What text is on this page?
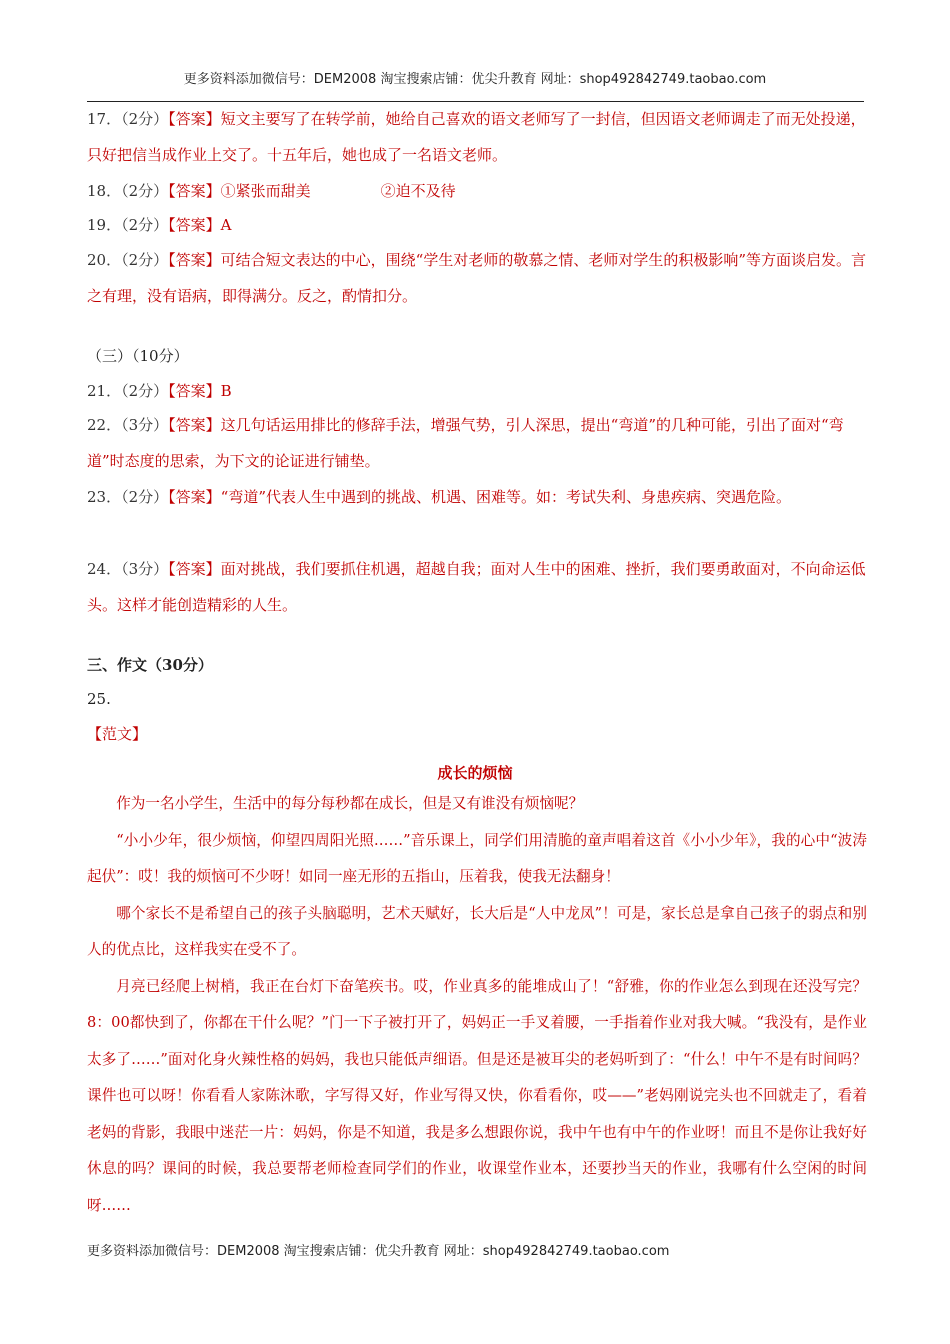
更多资料添加微信号：DEM2008 淘宝搜索店铺：优尖升教育 网址：shop492842749.taobao.com
17．（2分）【答案】短文主要写了在转学前，她给自己喜欢的语文老师写了一封信，但因语文老师调走了而无处投递，只好把信当成作业上交了。十五年后，她也成了一名语文老师。
18．（2分）【答案】①紧张而甜美	②迫不及待
19．（2分）【答案】A
20．（2分）【答案】可结合短文表达的中心，围绕“学生对老师的敬慕之情、老师对学生的积极影响”等方面谈启发。言之有理，没有语病，即得满分。反之，酌情扣分。
（三）（10分）
21．（2分）【答案】B
22．（3分）【答案】这几句话运用排比的修辞手法，增强气势，引人深思，提出“弯道”的几种可能，引出了面对“弯道”时态度的思索，为下文的论证进行铺垫。
23．（2分）【答案】“弯道”代表人生中遇到的挑战、机遇、困难等。如：考试失利、身患疾病、突遇危险。
24．（3分）【答案】面对挑战，我们要抓住机遇，超越自我；面对人生中的困难、挫折，我们要勇敢面对，不向命运低头。这样才能创造精彩的人生。
三、作文（30分）
25.
【范文】
成长的烦恼

作为一名小学生，生活中的每分每秒都在成长，但是又有谁没有烦恼呢？

“小小少年，很少烦恼，仰望四周阳光照……”音乐课上，同学们用清脆的童声唱着这首《小小少年》，我的心中“波涛起伏”：哎！我的烦恼可不少呀！如同一座无形的五指山，压着我，使我无法翻身！

哪个家长不是希望自己的孩子头脑聪明，艺术天赋好，长大后是“人中龙凤”！可是，家长总是拿自己孩子的弱点和别人的优点比，这样我实在受不了。

月亮已经爬上树梢，我正在台灯下奋笔疾书。哎，作业真多的能堆成山了！“舒雅，你的作业怎么到现在还没写完？8：00都快到了，你都在干什么呢？”门一下子被打开了，妈妈正一手叉着腰，一手指着作业对我大喊。“我没有，是作业太多了……”面对化身火辣性格的妈妈，我也只能低声细语。但是还是被耳尖的老妈听到了：“什么！中午不是有时间吗？课件也可以呀！你看看人家陈沐歌，字写得又好，作业写得又快，你看看你，哎——”老妈刚说完头也不回就走了，看着老妈的背影，我眼中迷茫一片：妈妈，你是不知道，我是多么想跟你说，我中午也有中午的作业呀！而且不是你让我好好休息的吗？课间的时候，我总要帮老师检查同学们的作业，收课堂作业本，还要抄当天的作业，我哪有什么空闲的时间呀……

更多资料添加微信号：DEM2008 淘宝搜索店铺：优尖升教育 网址：shop492842749.taobao.com
